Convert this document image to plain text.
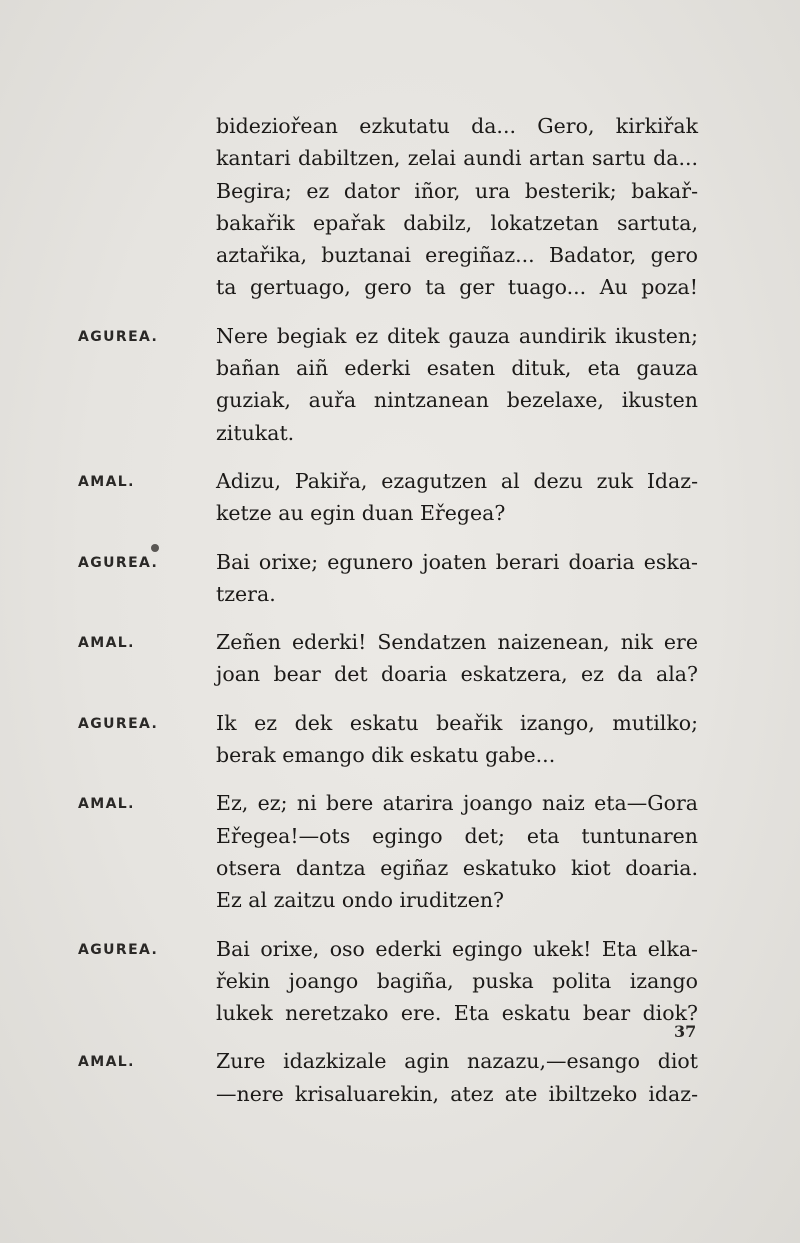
bideziořean ezkutatu da... Gero, kirkiřak
kantari dabiltzen, zelai aundi artan sartu da...
Begira; ez dator iñor, ura besterik; bakař-
bakařik epařak dabilz, lokatzetan sartuta,
aztařika, buztanai eregiñaz... Badator, gero
ta gertuago, gero ta ger tuago... Au poza!
AGUREA.	Nere begiak ez ditek gauza aundirik ikusten;
bañan aiñ ederki esaten dituk, eta gauza
guziak, auřa nintzanean bezelaxe, ikusten
zitukat.
AMAL.	Adizu, Pakiřa, ezagutzen al dezu zuk Idaz-
ketze au egin duan Eřegea?
AGUREA.	Bai orixe; egunero joaten berari doaria eska-
tzera.
AMAL.	Zeñen ederki! Sendatzen naizenean, nik ere
joan bear det doaria eskatzera, ez da ala?
AGUREA.	Ik ez dek eskatu beařik izango, mutilko;
berak emango dik eskatu gabe...
AMAL.	Ez, ez; ni bere atarira joango naiz eta—Gora
Eřegea!—ots egingo det; eta tuntunaren
otsera dantza egiñaz eskatuko kiot doaria.
Ez al zaitzu ondo iruditzen?
AGUREA.	Bai orixe, oso ederki egingo ukek! Eta elka-
řekin joango bagiña, puska polita izango
lukek neretzako ere. Eta eskatu bear diok?
AMAL.	Zure idazkizale agin nazazu,—esango diot
—nere krisaluarekin, atez ate ibiltzeko idaz-
37
